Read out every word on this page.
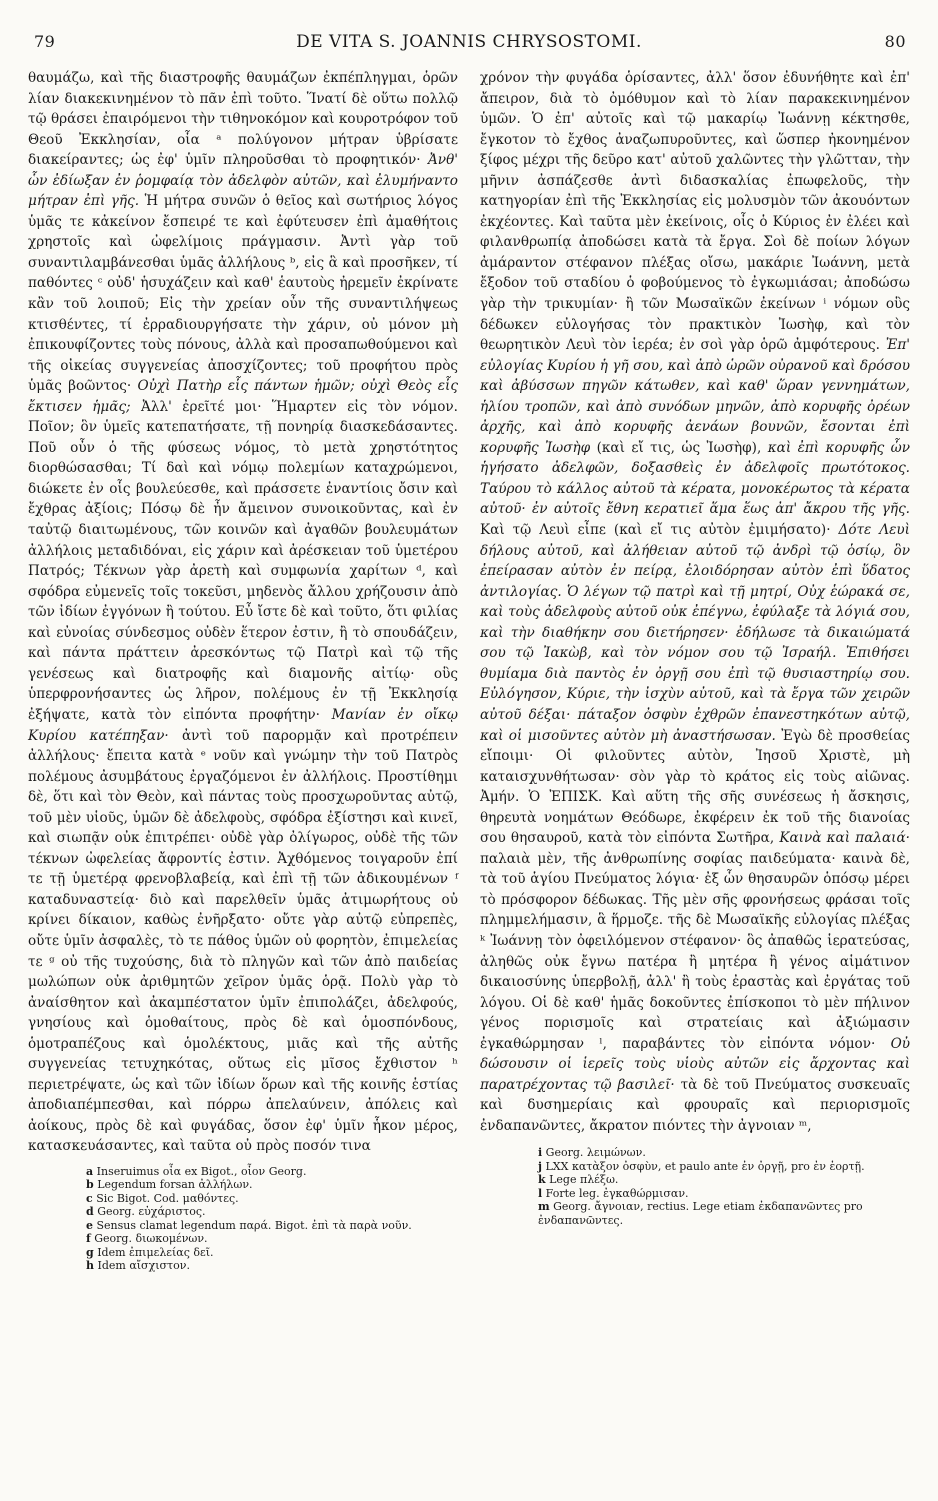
79	DE VITA S. JOANNIS CHRYSOSTOMI.	80

θαυμάζω, καὶ τῆς διαστροφῆς θαυμάζων ἐκπέπληγμαι, ὁρῶν λίαν διακεκινημένον τὸ πᾶν ἐπὶ τοῦτο. Ἵνατί δὲ οὕτω πολλῷ τῷ θράσει ἐπαιρόμενοι τὴν τιθηνοκόμον καὶ κουροτρόφον τοῦ Θεοῦ Ἐκκλησίαν, οἷα ᵃ πολύγονον μήτραν ὑβρίσατε διακείραντες; ὡς ἐφ' ὑμῖν πληροῦσθαι τὸ προφητικόν· Ἀνθ' ὧν ἐδίωξαν ἐν ῥομφαίᾳ τὸν ἀδελφὸν αὐτῶν, καὶ ἐλυμήναντο μήτραν ἐπὶ γῆς. Ἡ μήτρα συνῶν ὁ θεῖος καὶ σωτήριος λόγος ὑμᾶς τε κἀκείνον ἔσπειρέ τε καὶ ἐφύτευσεν ἐπὶ ἀμαθήτοις χρηστοῖς καὶ ὠφελίμοις πράγμασιν. Ἀντὶ γὰρ τοῦ συναντιλαμβάνεσθαι ὑμᾶς ἀλλήλους ᵇ, εἰς ἃ καὶ προσῆκεν, τί παθόντες ᶜ οὐδ' ἡσυχάζειν καὶ καθ' ἑαυτοὺς ἠρεμεῖν ἐκρίνατε κἂν τοῦ λοιποῦ; Εἰς τὴν χρείαν οὖν τῆς συναντιλήψεως κτισθέντες, τί ἐρραδιουργήσατε τὴν χάριν, οὐ μόνον μὴ ἐπικουφίζοντες τοὺς πόνους, ἀλλὰ καὶ προσαπωθούμενοι καὶ τῆς οἰκείας συγγενείας ἀποσχίζοντες; τοῦ προφήτου πρὸς ὑμᾶς βοῶντος· Οὐχὶ Πατὴρ εἷς πάντων ἡμῶν; οὐχὶ Θεὸς εἷς ἔκτισεν ἡμᾶς; Ἀλλ' ἐρεῖτέ μοι· Ἥμαρτεν εἰς τὸν νόμον. Ποῖον; ὃν ὑμεῖς κατεπατήσατε, τῇ πονηρίᾳ διασκεδάσαντες. Ποῦ οὖν ὁ τῆς φύσεως νόμος, τὸ μετὰ χρηστότητος διορθώσασθαι; Τί δαὶ καὶ νόμῳ πολεμίων καταχρώμενοι, διώκετε ἐν οἷς βουλεύεσθε, καὶ πράσσετε ἐναντίοις ὄσιν καὶ ἔχθρας ἀξίοις; Πόσῳ δὲ ἦν ἄμεινον συνοικοῦντας, καὶ ἐν ταὐτῷ διαιτωμένους, τῶν κοινῶν καὶ ἀγαθῶν βουλευμάτων ἀλλήλοις μεταδιδόναι, εἰς χάριν καὶ ἀρέσκειαν τοῦ ὑμετέρου Πατρός; Τέκνων γὰρ ἀρετὴ καὶ συμφωνία χαρίτων ᵈ, καὶ σφόδρα εὐμενεῖς τοῖς τοκεῦσι, μηδενὸς ἄλλου χρήζουσιν ἀπὸ τῶν ἰδίων ἐγγόνων ἢ τούτου. Εὖ ἴστε δὲ καὶ τοῦτο, ὅτι φιλίας καὶ εὐνοίας σύνδεσμος οὐδὲν ἕτερον ἐστιν, ἢ τὸ σπουδάζειν, καὶ πάντα πράττειν ἀρεσκόντως τῷ Πατρὶ καὶ τῷ τῆς γενέσεως καὶ διατροφῆς καὶ διαμονῆς αἰτίῳ· οὓς ὑπερφρονήσαντες ὡς λῆρον, πολέμους ἐν τῇ Ἐκκλησίᾳ ἐξήψατε, κατὰ τὸν εἰπόντα προφήτην· Μανίαν ἐν οἴκῳ Κυρίου κατέπηξαν· ἀντὶ τοῦ παρορμᾷν καὶ προτρέπειν ἀλλήλους· ἔπειτα κατὰ ᵉ νοῦν καὶ γνώμην τὴν τοῦ Πατρὸς πολέμους ἀσυμβάτους ἐργαζόμενοι ἐν ἀλλήλοις. Προστίθημι δὲ, ὅτι καὶ τὸν Θεὸν, καὶ πάντας τοὺς προσχωροῦντας αὐτῷ, τοῦ μὲν υἱοῦς, ὑμῶν δὲ ἀδελφοὺς, σφόδρα ἐξίστησι καὶ κινεῖ, καὶ σιωπᾷν οὐκ ἐπιτρέπει· οὐδὲ γὰρ ὀλίγωρος, οὐδὲ τῆς τῶν τέκνων ὠφελείας ἄφροντίς ἐστιν. Ἀχθόμενος τοιγαροῦν ἐπί τε τῇ ὑμετέρᾳ φρενοβλαβείᾳ, καὶ ἐπὶ τῇ τῶν ἀδικουμένων ᶠ καταδυναστείᾳ· διὸ καὶ παρελθεῖν ὑμᾶς ἀτιμωρήτους οὐ κρίνει δίκαιον, καθὼς ἐνῆρξατο· οὔτε γὰρ αὐτῷ εὐπρεπὲς, οὔτε ὑμῖν ἀσφαλὲς, τὸ τε πάθος ὑμῶν οὐ φορητὸν, ἐπιμελείας τε ᵍ οὐ τῆς τυχούσης, διὰ τὸ πληγῶν καὶ τῶν ἀπὸ παιδείας μωλώπων οὐκ ἀριθμητῶν χεῖρον ὑμᾶς ὁρᾷ. Πολὺ γὰρ τὸ ἀναίσθητον καὶ ἀκαμπέστατον ὑμῖν ἐπιπολάζει, ἀδελφούς, γνησίους καὶ ὁμοθαίτους, πρὸς δὲ καὶ ὁμοσπόνδους, ὁμοτραπέζους καὶ ὁμολέκτους, μιᾶς καὶ τῆς αὐτῆς συγγενείας τετυχηκότας, οὕτως εἰς μῖσος ἔχθιστον ʰ περιετρέψατε, ὡς καὶ τῶν ἰδίων ὅρων καὶ τῆς κοινῆς ἑστίας ἀποδιαπέμπεσθαι, καὶ πόρρω ἀπελαύνειν, ἀπόλεις καὶ ἀοίκους, πρὸς δὲ καὶ φυγάδας, ὅσον ἐφ' ὑμῖν ἧκον μέρος, κατασκευάσαντες, καὶ ταῦτα οὐ πρὸς ποσόν τινα

a Inseruimus οἷα ex Bigot., οἷον Georg.
b Legendum forsan ἀλλήλων.
c Sic Bigot. Cod. μαθόντες.
d Georg. εὐχάριστος.
e Sensus clamat legendum παρά. Bigot. ἐπὶ τὰ παρὰ νοῦν.
f Georg. διωκομένων.
g Idem ἐπιμελείας δεῖ.
h Idem αἴσχιστον.

χρόνον τὴν φυγάδα ὁρίσαντες, ἀλλ' ὅσον ἐδυνήθητε καὶ ἐπ' ἄπειρον, διὰ τὸ ὀμόθυμον καὶ τὸ λίαν παρακεκινημένον ὑμῶν. Ὁ ἐπ' αὐτοῖς καὶ τῷ μακαρίῳ Ἰωάννῃ κέκτησθε, ἔγκοτον τὸ ἔχθος ἀναζωπυροῦντες, καὶ ὥσπερ ἠκονημένον ξίφος μέχρι τῆς δεῦρο κατ' αὐτοῦ χαλῶντες τὴν γλῶτταν, τὴν μῆνιν ἀσπάζεσθε ἀντὶ διδασκαλίας ἐπωφελοῦς, τὴν κατηγορίαν ἐπὶ τῆς Ἐκκλησίας εἰς μολυσμὸν τῶν ἀκουόντων ἐκχέοντες. Καὶ ταῦτα μὲν ἐκείνοις, οἷς ὁ Κύριος ἐν ἐλέει καὶ φιλανθρωπίᾳ ἀποδώσει κατὰ τὰ ἔργα. Σοὶ δὲ ποίων λόγων ἀμάραντον στέφανον πλέξας οἴσω, μακάριε Ἰωάννη, μετὰ ἔξοδον τοῦ σταδίου ὁ φοβούμενος τὸ ἐγκωμιάσαι; ἀποδώσω γὰρ τὴν τρικυμίαν· ἢ τῶν Μωσαϊκῶν ἐκείνων ⁱ νόμων οὓς δέδωκεν εὐλογήσας τὸν πρακτικὸν Ἰωσὴφ, καὶ τὸν θεωρητικὸν Λευὶ τὸν ἱερέα; ἐν σοὶ γὰρ ὁρῶ ἀμφότερους. Ἐπ' εὐλογίας Κυρίου ἡ γῆ σου, καὶ ἀπὸ ὡρῶν οὐρανοῦ καὶ δρόσου καὶ ἀβύσσων πηγῶν κάτωθεν, καὶ καθ' ὥραν γεννημάτων, ἡλίου τροπῶν, καὶ ἀπὸ συνόδων μηνῶν, ἀπὸ κορυφῆς ὀρέων ἀρχῆς, καὶ ἀπὸ κορυφῆς ἀενάων βουνῶν, ἔσονται ἐπὶ κορυφῆς Ἰωσὴφ (καὶ εἴ τις, ὡς Ἰωσὴφ), καὶ ἐπὶ κορυφῆς ὧν ἡγήσατο ἀδελφῶν, δοξασθεὶς ἐν ἀδελφοῖς πρωτότοκος. Ταύρου τὸ κάλλος αὐτοῦ τὰ κέρατα, μονοκέρωτος τὰ κέρατα αὐτοῦ· ἐν αὐτοῖς ἔθνη κερατιεῖ ἅμα ἕως ἀπ' ἄκρου τῆς γῆς. Καὶ τῷ Λευὶ εἶπε (καὶ εἴ τις αὐτὸν ἐμιμήσατο)· Δότε Λευὶ δήλους αὐτοῦ, καὶ ἀλήθειαν αὐτοῦ τῷ ἀνδρὶ τῷ ὁσίῳ, ὃν ἐπείρασαν αὐτὸν ἐν πείρᾳ, ἐλοιδόρησαν αὐτὸν ἐπὶ ὕδατος ἀντιλογίας. Ὁ λέγων τῷ πατρὶ καὶ τῇ μητρί, Οὐχ ἑώρακά σε, καὶ τοὺς ἀδελφοὺς αὐτοῦ οὐκ ἐπέγνω, ἐφύλαξε τὰ λόγιά σου, καὶ τὴν διαθήκην σου διετήρησεν· ἐδήλωσε τὰ δικαιώματά σου τῷ Ἰακὼβ, καὶ τὸν νόμον σου τῷ Ἰσραήλ. Ἐπιθήσει θυμίαμα διὰ παντὸς ἐν ὀργῇ σου ἐπὶ τῷ θυσιαστηρίῳ σου. Εὐλόγησον, Κύριε, τὴν ἰσχὺν αὐτοῦ, καὶ τὰ ἔργα τῶν χειρῶν αὐτοῦ δέξαι· πάταξον ὀσφὺν ἐχθρῶν ἐπανεστηκότων αὐτῷ, καὶ οἱ μισοῦντες αὐτὸν μὴ ἀναστήσωσαν. Ἐγὼ δὲ προσθείας εἴποιμι· Οἱ φιλοῦντες αὐτὸν, Ἰησοῦ Χριστὲ, μὴ καταισχυνθήτωσαν· σὸν γὰρ τὸ κράτος εἰς τοὺς αἰῶνας. Ἀμήν. Ὁ ἘΠΙΣΚ. Καὶ αὕτη τῆς σῆς συνέσεως ἡ ἄσκησις, θηρευτὰ νοημάτων Θεόδωρε, ἐκφέρειν ἐκ τοῦ τῆς διανοίας σου θησαυροῦ, κατὰ τὸν εἰπόντα Σωτῆρα, Καινὰ καὶ παλαιά· παλαιὰ μὲν, τῆς ἀνθρωπίνης σοφίας παιδεύματα· καινὰ δὲ, τὰ τοῦ ἁγίου Πνεύματος λόγια· ἐξ ὧν θησαυρῶν ὁπόσῳ μέρει τὸ πρόσφορον δέδωκας. Τῆς μὲν σῆς φρονήσεως φράσαι τοῖς πλημμελήμασιν, ἃ ἥρμοζε. τῆς δὲ Μωσαϊκῆς εὐλογίας πλέξας ᵏ Ἰωάννῃ τὸν ὀφειλόμενον στέφανον· ὃς ἀπαθῶς ἱερατεύσας, ἀληθῶς οὐκ ἔγνω πατέρα ἢ μητέρα ἢ γένος αἱμάτινον δικαιοσύνης ὑπερβολῇ, ἀλλ' ἢ τοὺς ἐραστὰς καὶ ἐργάτας τοῦ λόγου. Οἱ δὲ καθ' ἡμᾶς δοκοῦντες ἐπίσκοποι τὸ μὲν πήλινον γένος πορισμοῖς καὶ στρατείαις καὶ ἀξιώμασιν ἐγκαθώρμησαν ˡ, παραβάντες τὸν εἰπόντα νόμον· Οὐ δώσουσιν οἱ ἱερεῖς τοὺς υἱοὺς αὐτῶν εἰς ἄρχοντας καὶ παρατρέχοντας τῷ βασιλεῖ· τὰ δὲ τοῦ Πνεύματος συσκευαῖς καὶ δυσημερίαις καὶ φρουραῖς καὶ περιορισμοῖς ἐνδαπανῶντες, ἄκρατον πιόντες τὴν ἀγνοιαν ᵐ,

i Georg. λειμώνων.
j LXX κατὰξον ὀσφὺν, et paulo ante ἐν ὀργῇ, pro ἐν ἑορτῇ.
k Lege πλέξω.
l Forte leg. ἐγκαθώρμισαν.
m Georg. ἄγνοιαν, rectius. Lege etiam ἐκδαπανῶντες pro ἐνδαπανῶντες.
